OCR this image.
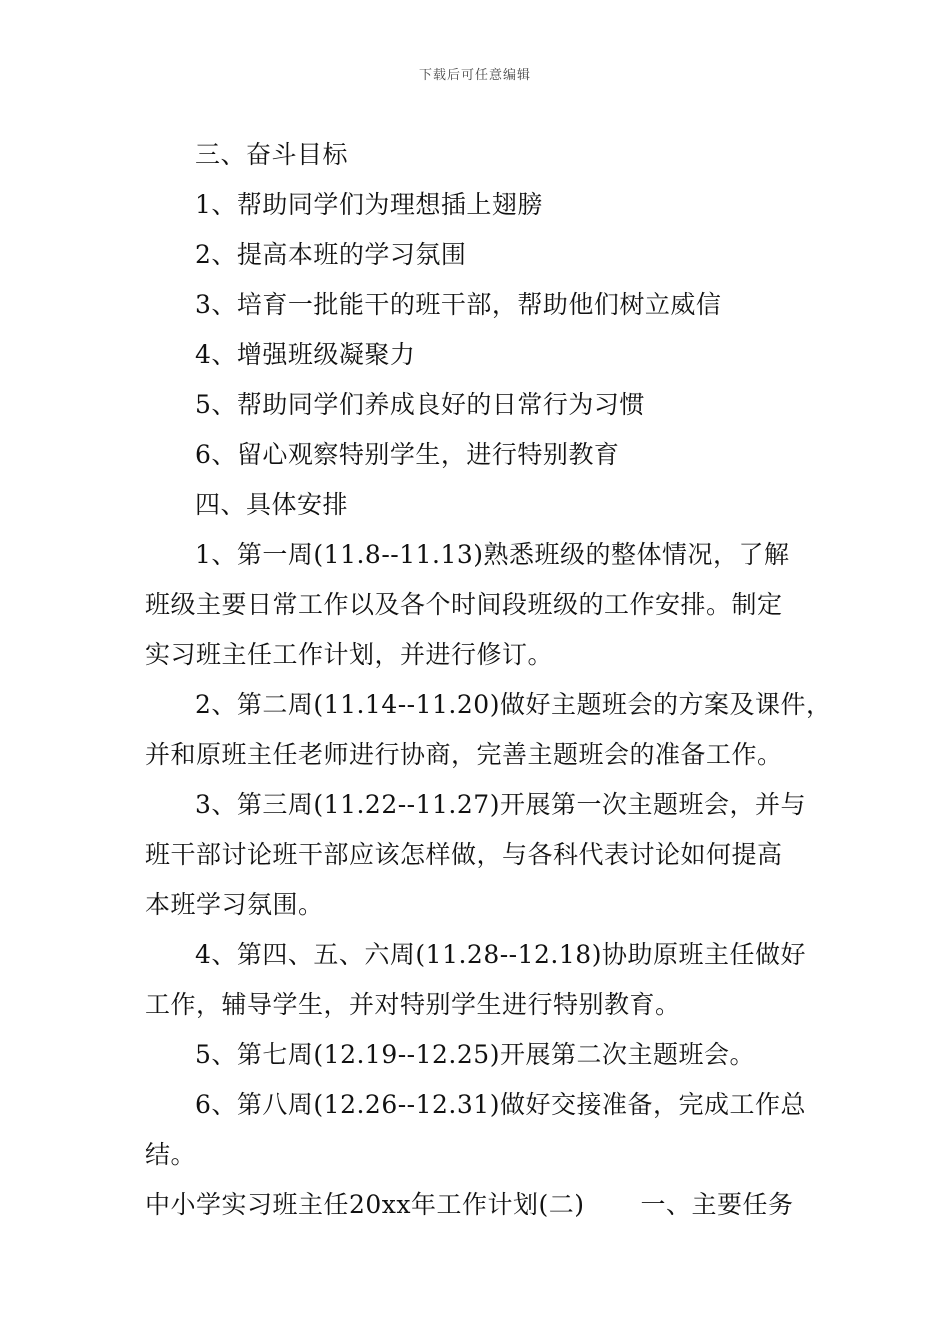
下载后可任意编辑
三、奋斗目标
1、帮助同学们为理想插上翅膀
2、提高本班的学习氛围
3、培育一批能干的班干部，帮助他们树立威信
4、增强班级凝聚力
5、帮助同学们养成良好的日常行为习惯
6、留心观察特别学生，进行特别教育
四、具体安排
1、第一周(11.8--11.13)熟悉班级的整体情况，了解
班级主要日常工作以及各个时间段班级的工作安排。制定
实习班主任工作计划，并进行修订。
2、第二周(11.14--11.20)做好主题班会的方案及课件，
并和原班主任老师进行协商，完善主题班会的准备工作。
3、第三周(11.22--11.27)开展第一次主题班会，并与
班干部讨论班干部应该怎样做，与各科代表讨论如何提高
本班学习氛围。
4、第四、五、六周(11.28--12.18)协助原班主任做好
工作，辅导学生，并对特别学生进行特别教育。
5、第七周(12.19--12.25)开展第二次主题班会。
6、第八周(12.26--12.31)做好交接准备，完成工作总
结。
中小学实习班主任20xx年工作计划(二) 一、主要任务
